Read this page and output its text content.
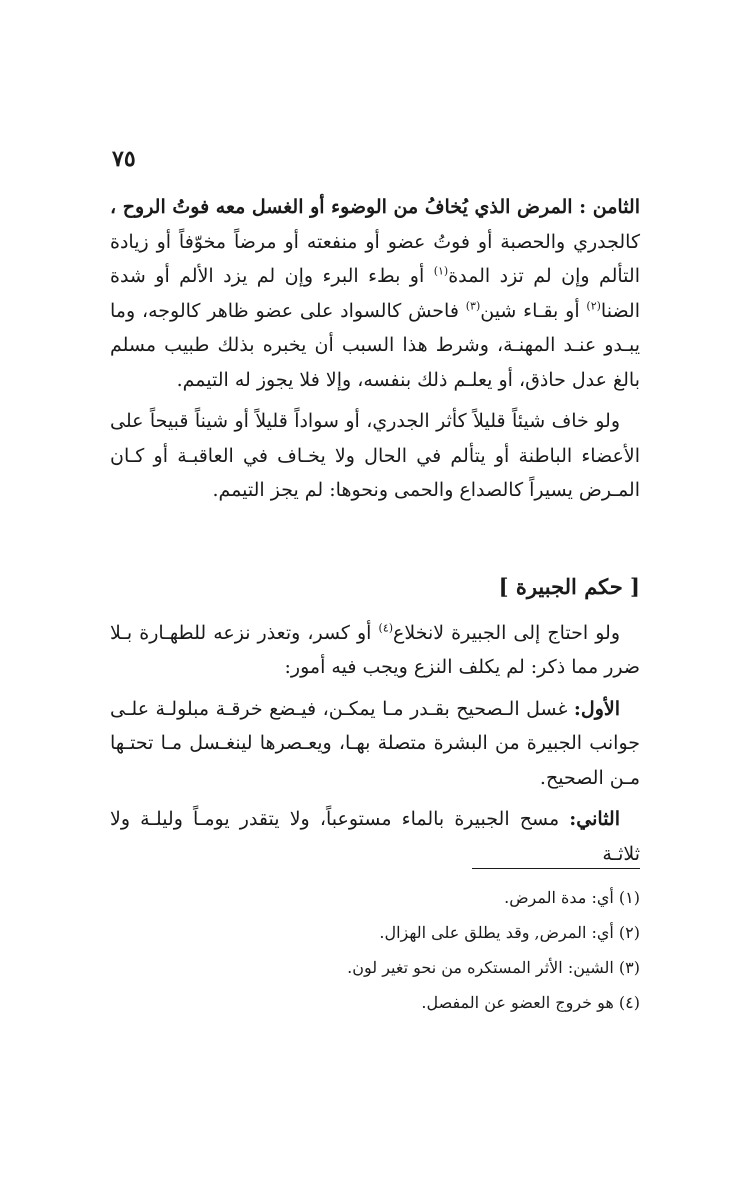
٧٥

الثامن : المرض الذي يُخافُ من الوضوء أو الغسل معه فوتُ الروح ، كالجدري والحصبة أو فوتُ عضو أو منفعته أو مرضاً مخوّفاً أو زيادة التألم وإن لم تزد المدة$^{(١)}$ أو بطء البرء وإن لم يزد الألم أو شدة الضنا$^{(٢)}$ أو بقـاء شين$^{(٣)}$ فاحش كالسواد على عضو ظاهر كالوجه، وما يبـدو عنـد المهنـة، وشرط هذا السبب أن يخبره بذلك طبيب مسلم بالغ عدل حاذق، أو يعلـم ذلك بنفسه، وإلا فلا يجوز له التيمم.

ولو خاف شيئاً قليلاً كأثر الجدري، أو سواداً قليلاً أو شيناً قبيحاً على الأعضاء الباطنة أو يتألم في الحال ولا يخـاف في العاقبـة أو كـان المـرض يسيراً كالصداع والحمى ونحوها: لم يجز التيمم.

[ حكم الجبيرة ]

ولو احتاج إلى الجبيرة لانخلاع$^{(٤)}$ أو كسر، وتعذر نزعه للطهـارة بـلا ضرر مما ذكر: لم يكلف النزع ويجب فيه أمور:

الأول: غسل الـصحيح بقـدر مـا يمكـن، فيـضع خرقـة مبلولـة علـى جوانب الجبيرة من البشرة متصلة بهـا، ويعـصرها لينغـسل مـا تحتـها مـن الصحيح.

الثاني: مسح الجبيرة بالماء مستوعباً، ولا يتقدر يومـاً وليلـة ولا ثلاثـة

(١) أي: مدة المرض.

(٢) أي: المرض, وقد يطلق على الهزال.

(٣) الشين: الأثر المستكره من نحو تغير لون.

(٤) هو خروج العضو عن المفصل.
